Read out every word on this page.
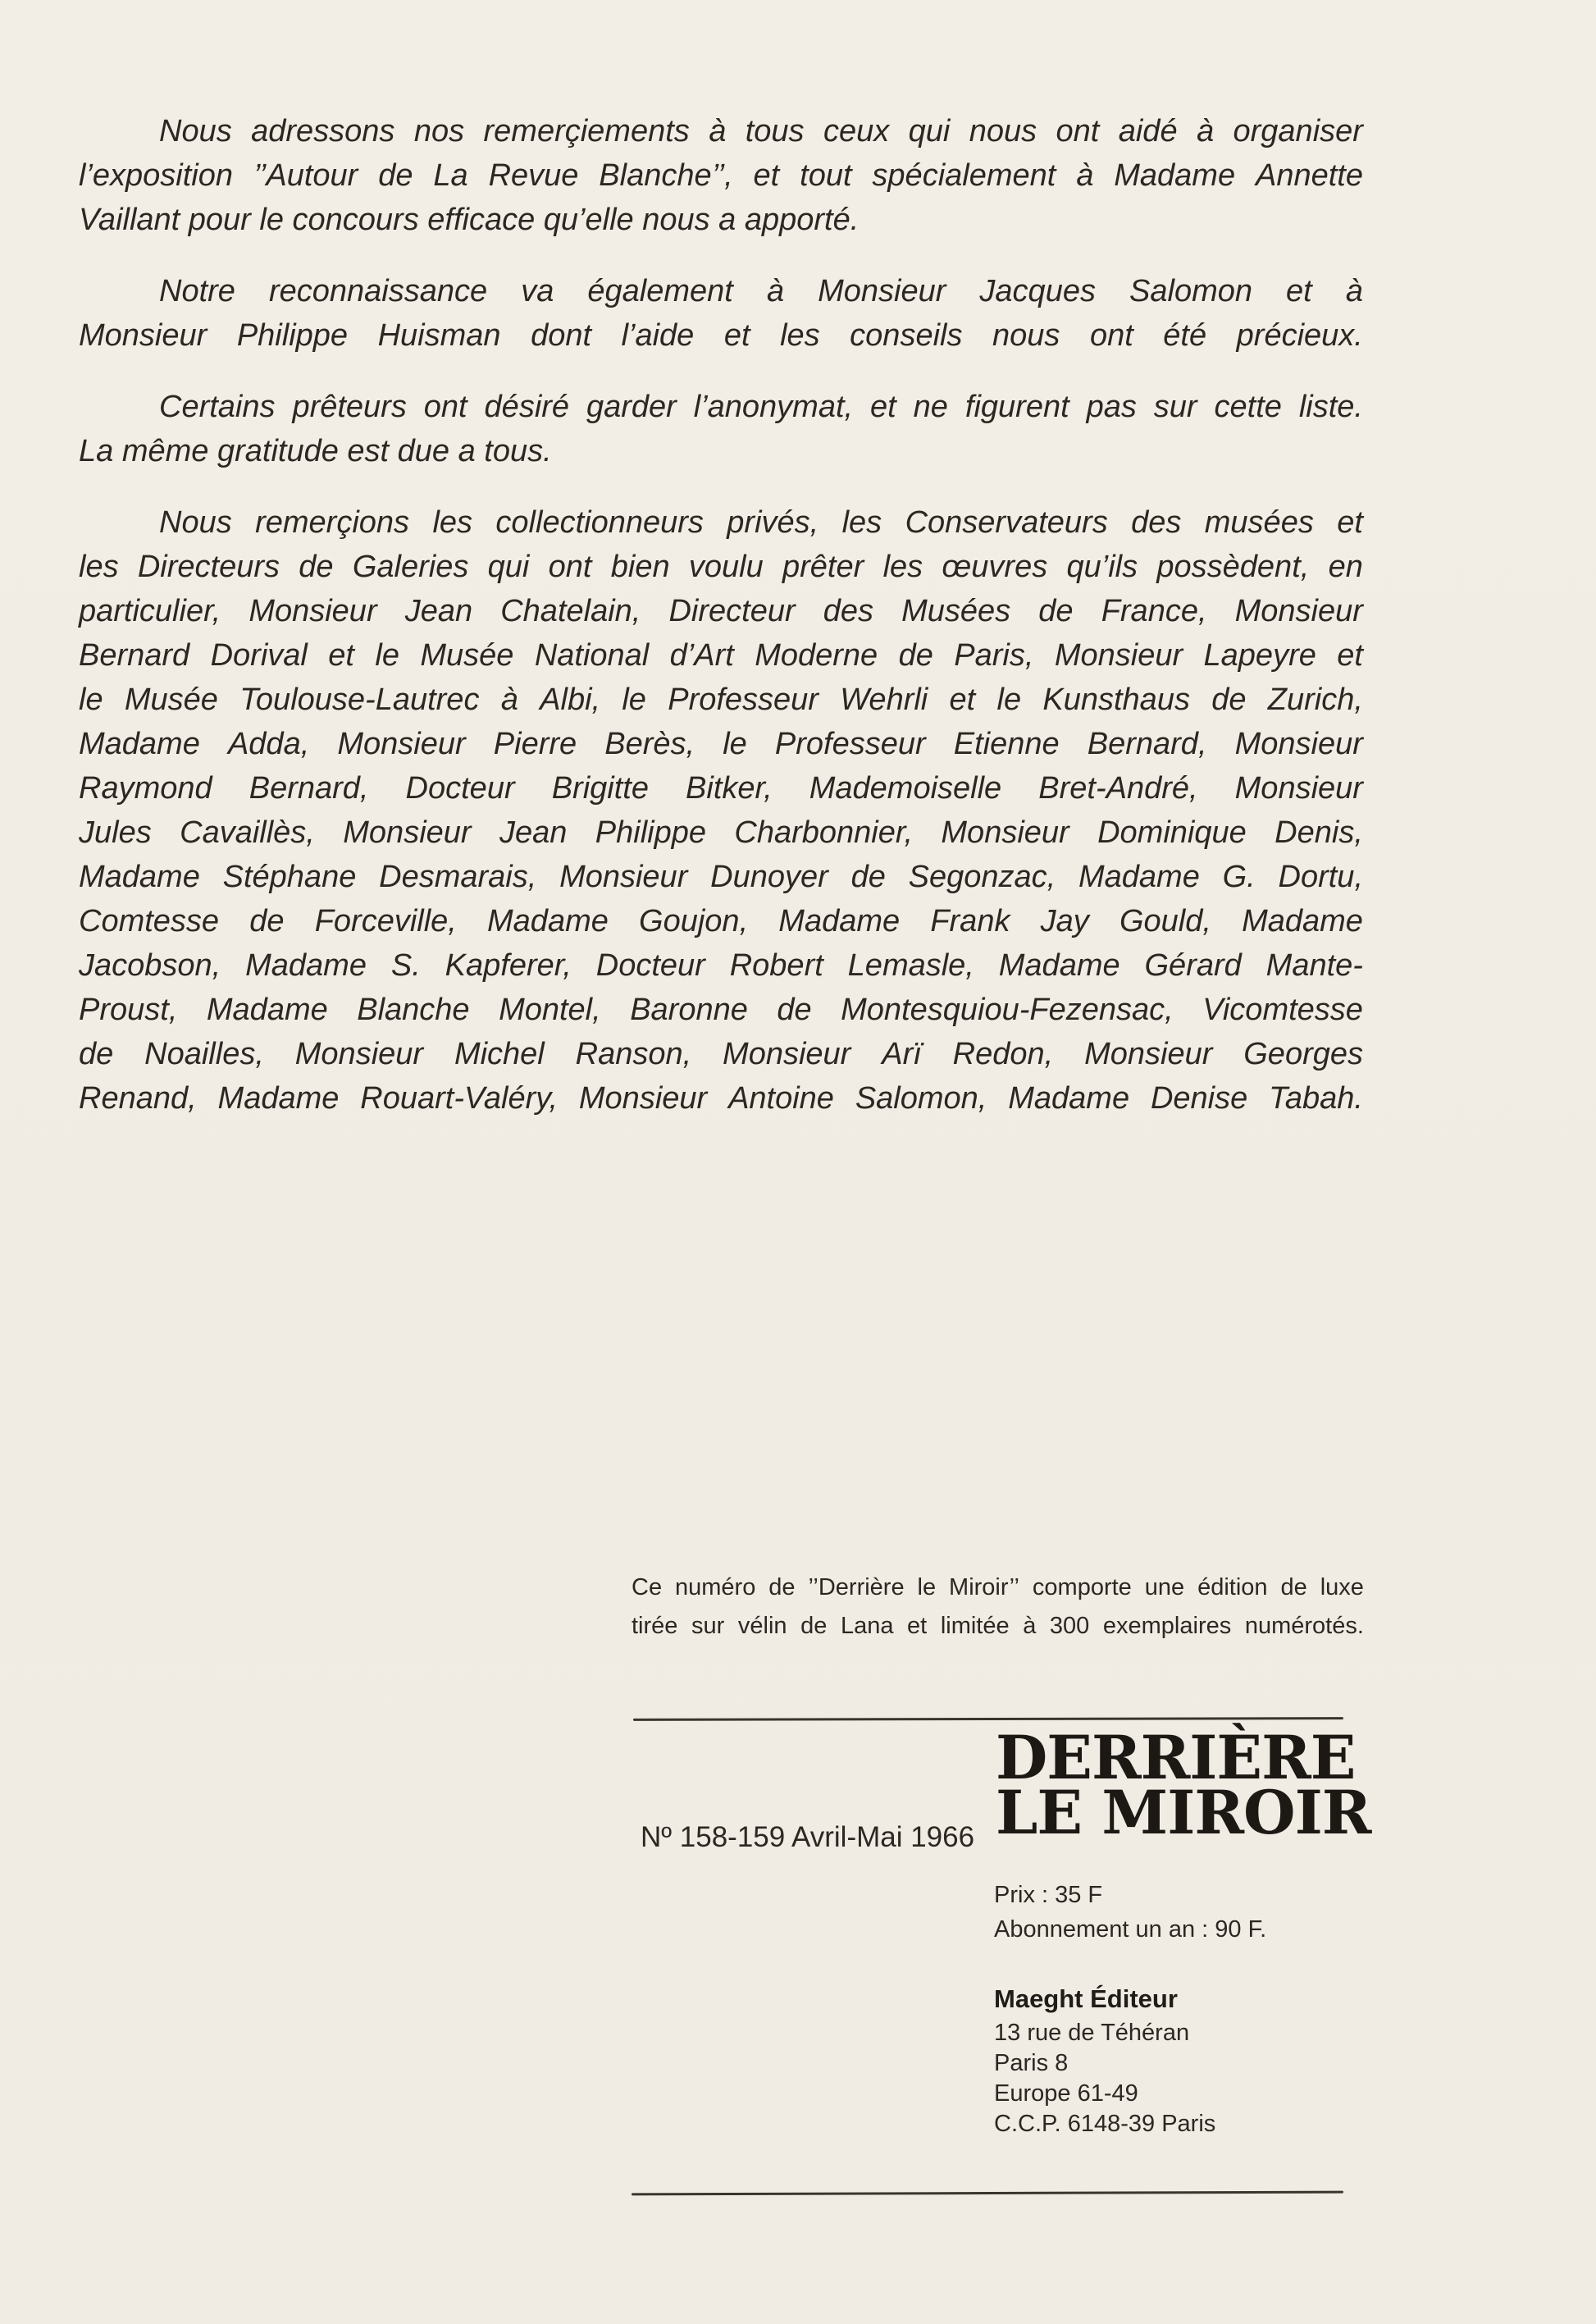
Nous adressons nos remerçiements à tous ceux qui nous ont aidé à organiser
l’exposition ’’Autour de La Revue Blanche’’, et tout spécialement à Madame Annette
Vaillant pour le concours efficace qu’elle nous a apporté.

Notre reconnaissance va également à Monsieur Jacques Salomon et à
Monsieur Philippe Huisman dont l’aide et les conseils nous ont été précieux.

Certains prêteurs ont désiré garder l’anonymat, et ne figurent pas sur cette liste.
La même gratitude est due a tous.

Nous remerçions les collectionneurs privés, les Conservateurs des musées et
les Directeurs de Galeries qui ont bien voulu prêter les œuvres qu’ils possèdent, en
particulier, Monsieur Jean Chatelain, Directeur des Musées de France, Monsieur
Bernard Dorival et le Musée National d’Art Moderne de Paris, Monsieur Lapeyre et
le Musée Toulouse-Lautrec à Albi, le Professeur Wehrli et le Kunsthaus de Zurich,
Madame Adda, Monsieur Pierre Berès, le Professeur Etienne Bernard, Monsieur
Raymond Bernard, Docteur Brigitte Bitker, Mademoiselle Bret-André, Monsieur
Jules Cavaillès, Monsieur Jean Philippe Charbonnier, Monsieur Dominique Denis,
Madame Stéphane Desmarais, Monsieur Dunoyer de Segonzac, Madame G. Dortu,
Comtesse de Forceville, Madame Goujon, Madame Frank Jay Gould, Madame
Jacobson, Madame S. Kapferer, Docteur Robert Lemasle, Madame Gérard Mante-
Proust, Madame Blanche Montel, Baronne de Montesquiou-Fezensac, Vicomtesse
de Noailles, Monsieur Michel Ranson, Monsieur Arï Redon, Monsieur Georges
Renand, Madame Rouart-Valéry, Monsieur Antoine Salomon, Madame Denise Tabah.

Ce numéro de ’’Derrière le Miroir’’ comporte une édition de luxe
tirée sur vélin de Lana et limitée à 300 exemplaires numérotés.
DERRIÈRE
LE MIROIR
Nº 158-159 Avril-Mai 1966
Prix : 35 F
Abonnement un an : 90 F.
Maeght Éditeur
13 rue de Téhéran
Paris 8
Europe 61-49
C.C.P. 6148-39 Paris
